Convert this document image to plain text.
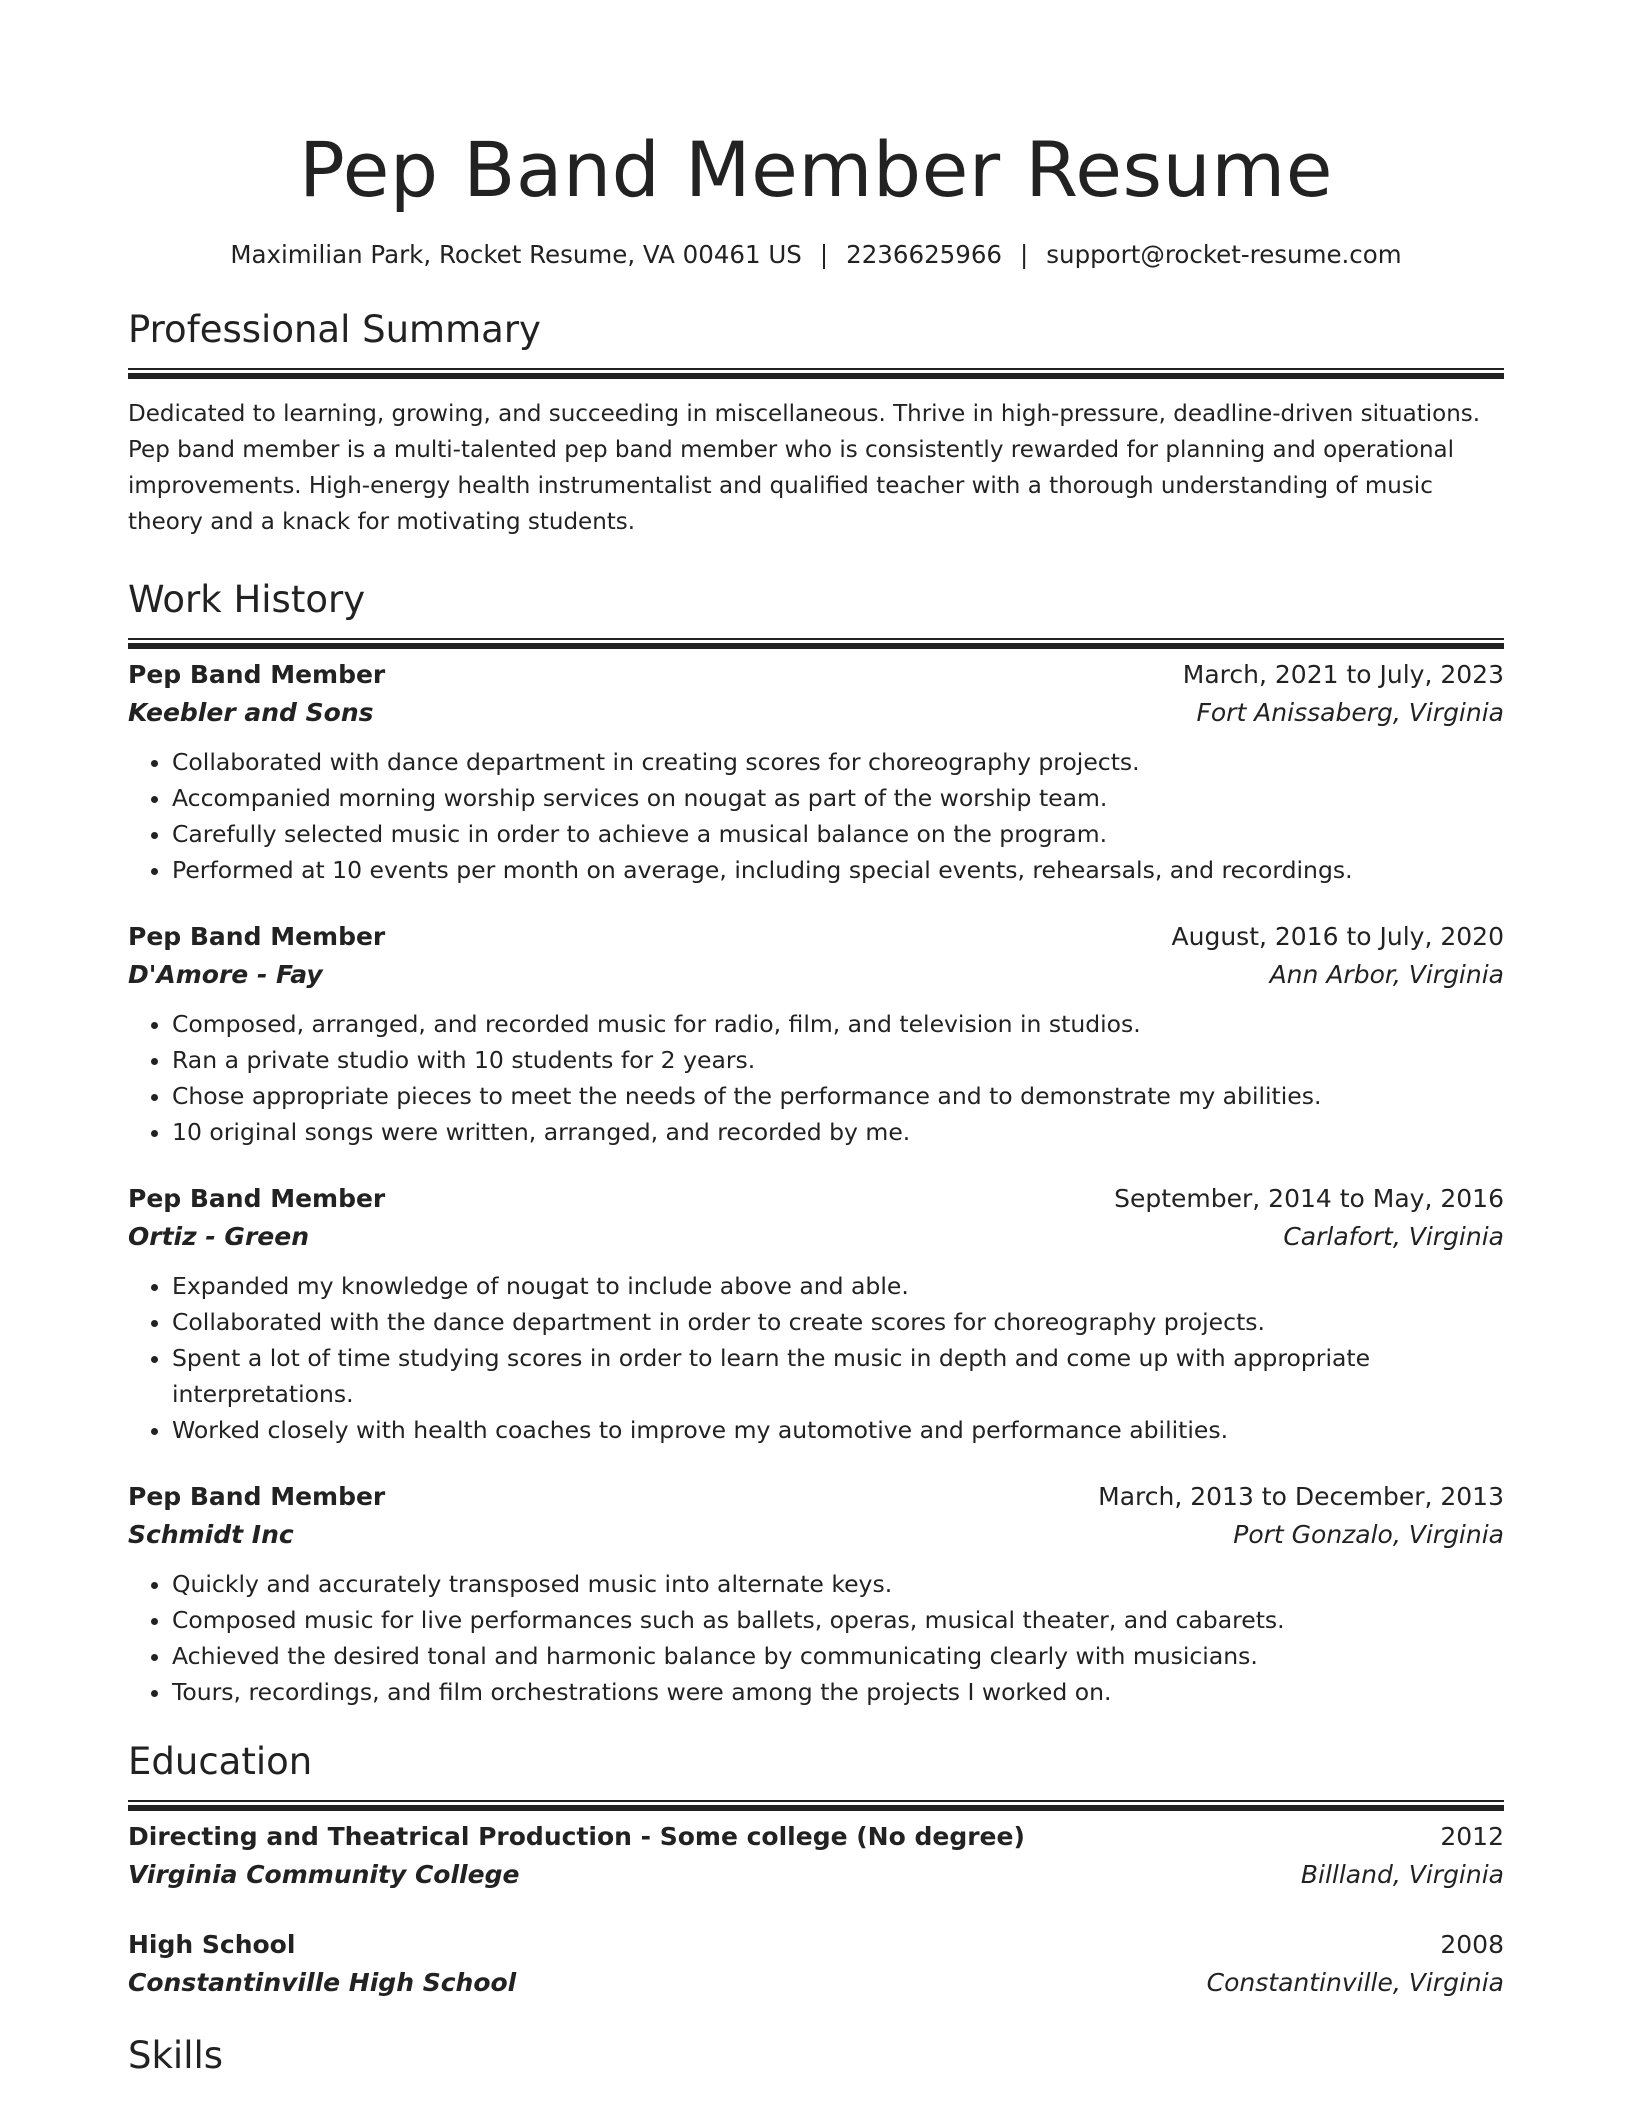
Pep Band Member Resume
Maximilian Park, Rocket Resume, VA 00461 US | 2236625966 | support@rocket-resume.com
Professional Summary
Dedicated to learning, growing, and succeeding in miscellaneous. Thrive in high-pressure, deadline-driven situations. Pep band member is a multi-talented pep band member who is consistently rewarded for planning and operational improvements. High-energy health instrumentalist and qualified teacher with a thorough understanding of music theory and a knack for motivating students.
Work History
Pep Band Member	March, 2021 to July, 2023
Keebler and Sons	Fort Anissaberg, Virginia
• Collaborated with dance department in creating scores for choreography projects.
• Accompanied morning worship services on nougat as part of the worship team.
• Carefully selected music in order to achieve a musical balance on the program.
• Performed at 10 events per month on average, including special events, rehearsals, and recordings.
Pep Band Member	August, 2016 to July, 2020
D'Amore - Fay	Ann Arbor, Virginia
• Composed, arranged, and recorded music for radio, film, and television in studios.
• Ran a private studio with 10 students for 2 years.
• Chose appropriate pieces to meet the needs of the performance and to demonstrate my abilities.
• 10 original songs were written, arranged, and recorded by me.
Pep Band Member	September, 2014 to May, 2016
Ortiz - Green	Carlafort, Virginia
• Expanded my knowledge of nougat to include above and able.
• Collaborated with the dance department in order to create scores for choreography projects.
• Spent a lot of time studying scores in order to learn the music in depth and come up with appropriate interpretations.
• Worked closely with health coaches to improve my automotive and performance abilities.
Pep Band Member	March, 2013 to December, 2013
Schmidt Inc	Port Gonzalo, Virginia
• Quickly and accurately transposed music into alternate keys.
• Composed music for live performances such as ballets, operas, musical theater, and cabarets.
• Achieved the desired tonal and harmonic balance by communicating clearly with musicians.
• Tours, recordings, and film orchestrations were among the projects I worked on.
Education
Directing and Theatrical Production - Some college (No degree)	2012
Virginia Community College	Billland, Virginia
High School	2008
Constantinville High School	Constantinville, Virginia
Skills
